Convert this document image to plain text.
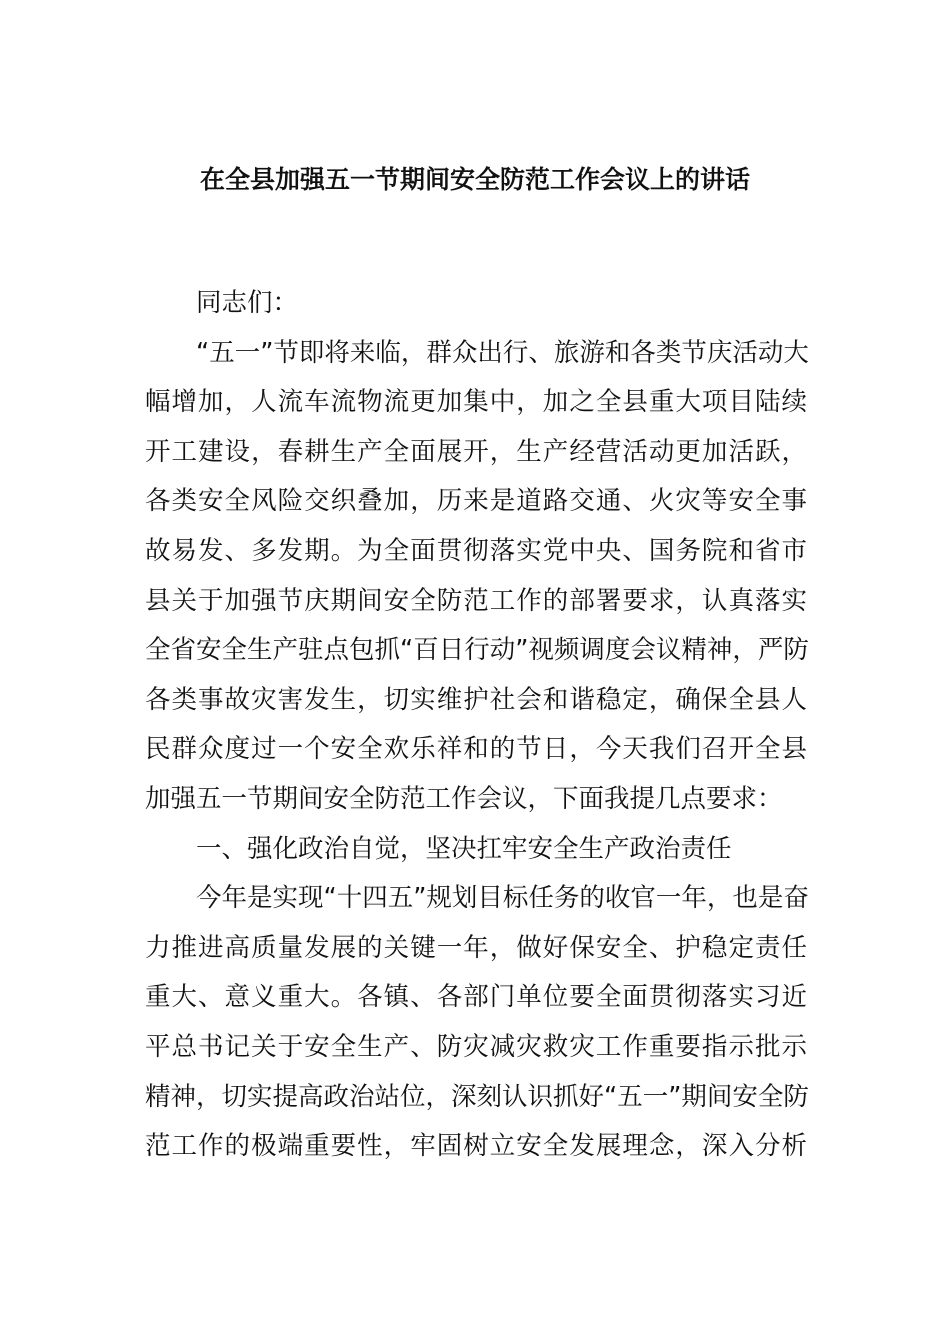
在全县加强五一节期间安全防范工作会议上的讲话
同志们：
“五一”节即将来临，群众出行、旅游和各类节庆活动大
幅增加，人流车流物流更加集中，加之全县重大项目陆续
开工建设，春耕生产全面展开，生产经营活动更加活跃，
各类安全风险交织叠加，历来是道路交通、火灾等安全事
故易发、多发期。为全面贯彻落实党中央、国务院和省市
县关于加强节庆期间安全防范工作的部署要求，认真落实
全省安全生产驻点包抓“百日行动”视频调度会议精神，严防
各类事故灾害发生，切实维护社会和谐稳定，确保全县人
民群众度过一个安全欢乐祥和的节日，今天我们召开全县
加强五一节期间安全防范工作会议，下面我提几点要求：
一、强化政治自觉，坚决扛牢安全生产政治责任
今年是实现“十四五”规划目标任务的收官一年，也是奋
力推进高质量发展的关键一年，做好保安全、护稳定责任
重大、意义重大。各镇、各部门单位要全面贯彻落实习近
平总书记关于安全生产、防灾减灾救灾工作重要指示批示
精神，切实提高政治站位，深刻认识抓好“五一”期间安全防
范工作的极端重要性，牢固树立安全发展理念，深入分析
